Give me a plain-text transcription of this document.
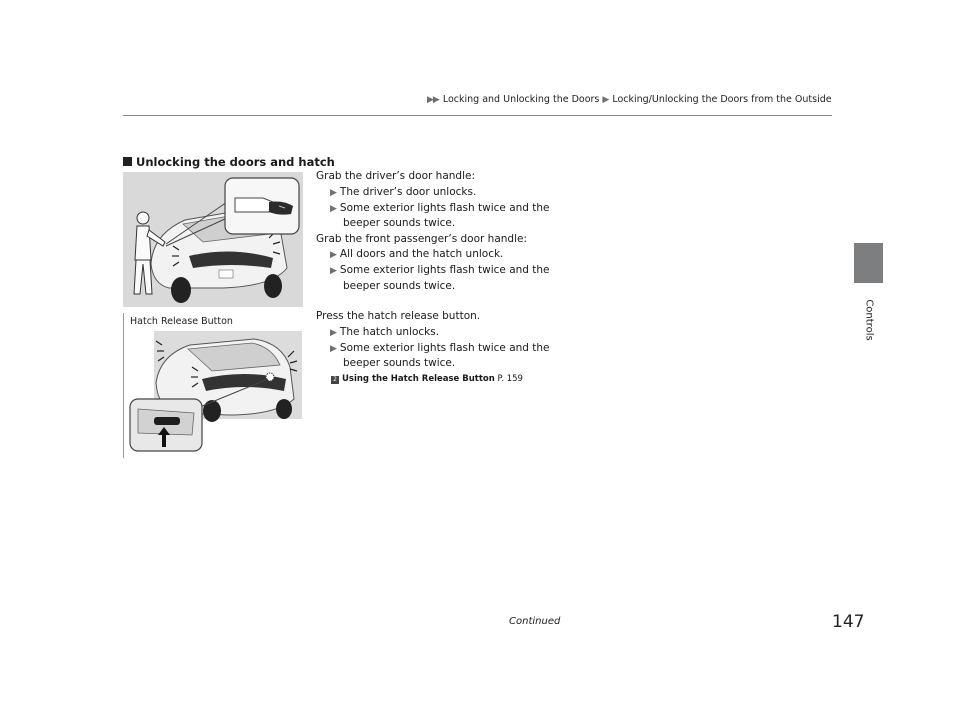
▶▶ Locking and Unlocking the Doors ▶ Locking/Unlocking the Doors from the Outside
Controls
Unlocking the doors and hatch
Hatch Release Button
Grab the driver’s door handle:
▶ The driver’s door unlocks.
▶ Some exterior lights flash twice and the
beeper sounds twice.
Grab the front passenger’s door handle:
▶ All doors and the hatch unlock.
▶ Some exterior lights flash twice and the
beeper sounds twice.
Press the hatch release button.
▶ The hatch unlocks.
▶ Some exterior lights flash twice and the
beeper sounds twice.
2 Using the Hatch Release Button P. 159
Continued	147
